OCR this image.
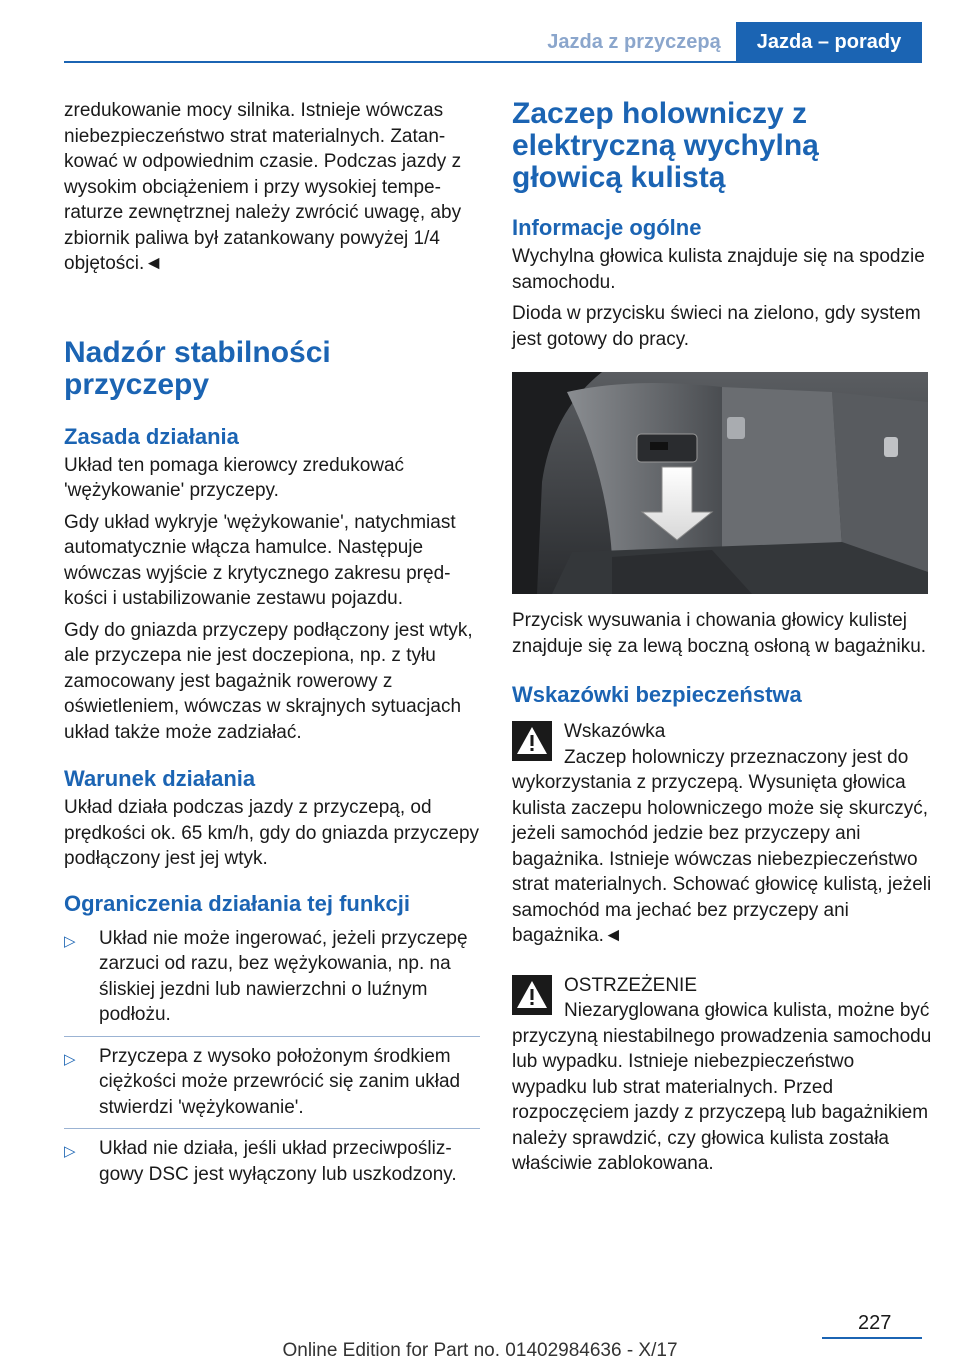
Jazda z przyczepą Jazda – porady

zredukowanie mocy silnika. Istnieje wówczas niebezpieczeństwo strat materialnych. Zatankować w odpowiednim czasie. Podczas jazdy z wysokim obciążeniem i przy wysokiej temperaturze zewnętrznej należy zwrócić uwagę, aby zbiornik paliwa był zatankowany powyżej 1/4 objętości.◄

Nadzór stabilności przyczepy
Zasada działania

Układ ten pomaga kierowcy zredukować 'wężykowanie' przyczepy.

Gdy układ wykryje 'wężykowanie', natychmiast automatycznie włącza hamulce. Następuje wówczas wyjście z krytycznego zakresu prędkości i ustabilizowanie zestawu pojazdu.

Gdy do gniazda przyczepy podłączony jest wtyk, ale przyczepa nie jest doczepiona, np. z tyłu zamocowany jest bagażnik rowerowy z oświetleniem, wówczas w skrajnych sytuacjach układ także może zadziałać.

Warunek działania

Układ działa podczas jazdy z przyczepą, od prędkości ok. 65 km/h, gdy do gniazda przyczepy podłączony jest jej wtyk.

Ograniczenia działania tej funkcji
▷ Układ nie może ingerować, jeżeli przyczepę zarzuci od razu, bez wężykowania, np. na śliskiej jezdni lub nawierzchni o luźnym podłożu.
▷ Przyczepa z wysoko położonym środkiem ciężkości może przewrócić się zanim układ stwierdzi 'wężykowanie'.
▷ Układ nie działa, jeśli układ przeciwpoślizgowy DSC jest wyłączony lub uszkodzony.
Zaczep holowniczy z elektryczną wychylną głowicą kulistą
Informacje ogólne

Wychylna głowica kulista znajduje się na spodzie samochodu.

Dioda w przycisku świeci na zielono, gdy system jest gotowy do pracy.

Przycisk wysuwania i chowania głowicy kulistej znajduje się za lewą boczną osłoną w bagażniku.

Wskazówki bezpieczeństwa

Wskazówka

Zaczep holowniczy przeznaczony jest do wykorzystania z przyczepą. Wysunięta głowica kulista zaczepu holowniczego może się skurczyć, jeżeli samochód jedzie bez przyczepy ani bagażnika. Istnieje wówczas niebezpieczeństwo strat materialnych. Schować głowicę kulistą, jeżeli samochód ma jechać bez przyczepy ani bagażnika.◄

OSTRZEŻENIE

Niezaryglowana głowica kulista, możne być przyczyną niestabilnego prowadzenia samochodu lub wypadku. Istnieje niebezpieczeństwo wypadku lub strat materialnych. Przed rozpoczęciem jazdy z przyczepą lub bagażnikiem należy sprawdzić, czy głowica kulista została właściwie zablokowana.

227
Online Edition for Part no. 01402984636 - X/17
